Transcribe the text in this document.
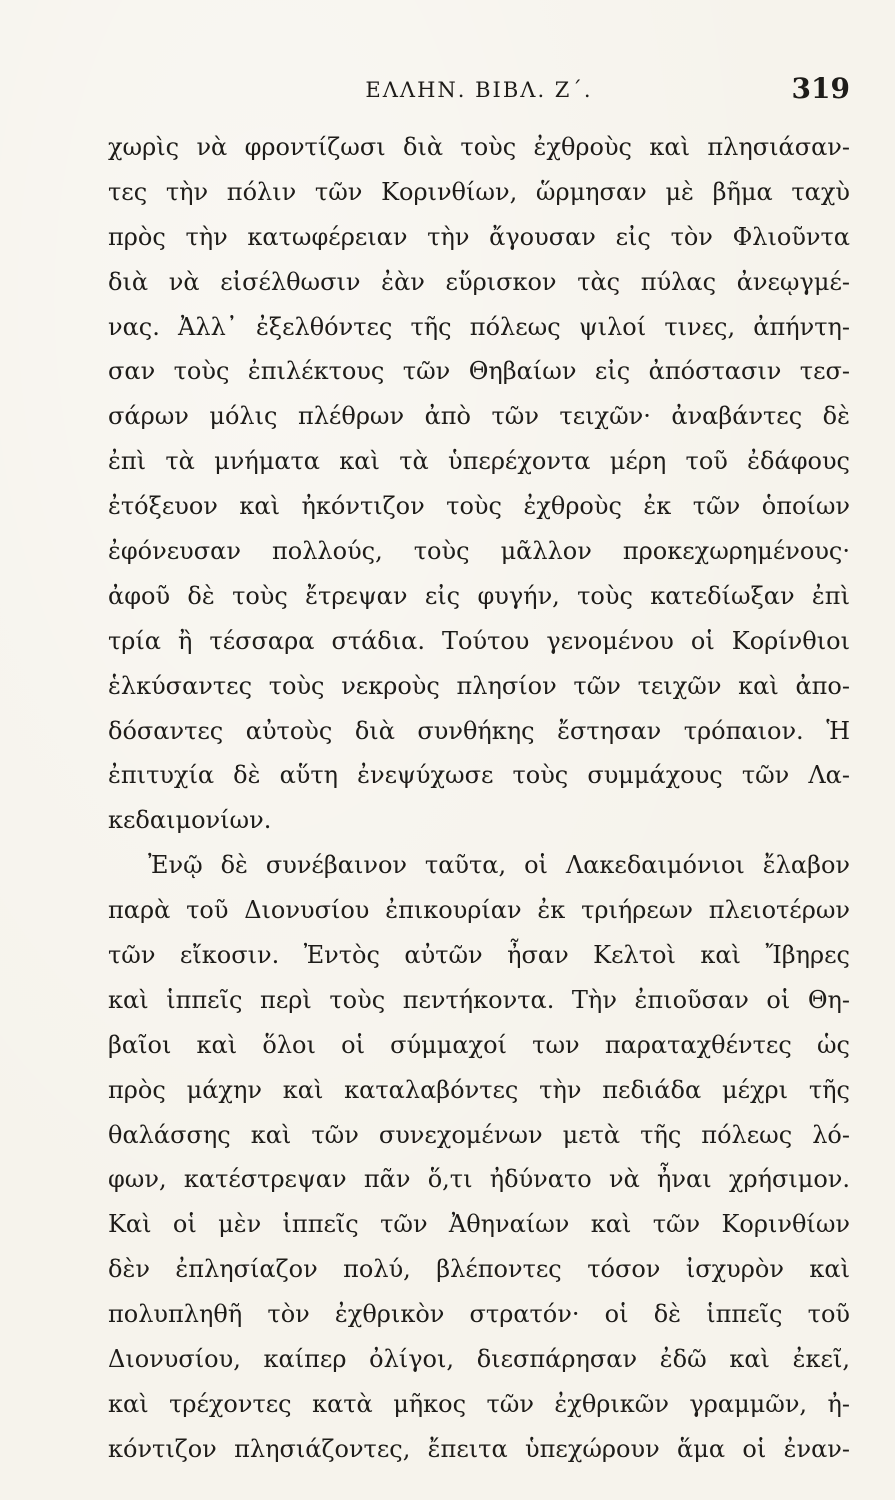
ΕΛΛΗΝ. ΒΙΒΛ. Ζ΄.	319
χωρὶς νὰ φροντίζωσι διὰ τοὺς ἐχθροὺς καὶ πλησιάσαν-
τες τὴν πόλιν τῶν Κορινθίων, ὥρμησαν μὲ βῆμα ταχὺ
πρὸς τὴν κατωφέρειαν τὴν ἄγουσαν εἰς τὸν Φλιοῦντα
διὰ νὰ εἰσέλθωσιν ἐὰν εὕρισκον τὰς πύλας ἀνεῳγμέ-
νας. Ἀλλ᾽ ἐξελθόντες τῆς πόλεως ψιλοί τινες, ἀπήντη-
σαν τοὺς ἐπιλέκτους τῶν Θηβαίων εἰς ἀπόστασιν τεσ-
σάρων μόλις πλέθρων ἀπὸ τῶν τειχῶν· ἀναβάντες δὲ
ἐπὶ τὰ μνήματα καὶ τὰ ὑπερέχοντα μέρη τοῦ ἐδάφους
ἐτόξευον καὶ ἠκόντιζον τοὺς ἐχθροὺς ἐκ τῶν ὁποίων
ἐφόνευσαν πολλούς, τοὺς μᾶλλον προκεχωρημένους·
ἀφοῦ δὲ τοὺς ἔτρεψαν εἰς φυγήν, τοὺς κατεδίωξαν ἐπὶ
τρία ἢ τέσσαρα στάδια. Τούτου γενομένου οἱ Κορίνθιοι
ἑλκύσαντες τοὺς νεκροὺς πλησίον τῶν τειχῶν καὶ ἀπο-
δόσαντες αὐτοὺς διὰ συνθήκης ἔστησαν τρόπαιον. Ἡ
ἐπιτυχία δὲ αὕτη ἐνεψύχωσε τοὺς συμμάχους τῶν Λα-
κεδαιμονίων.
Ἐνῷ δὲ συνέβαινον ταῦτα, οἱ Λακεδαιμόνιοι ἔλαβον
παρὰ τοῦ Διονυσίου ἐπικουρίαν ἐκ τριήρεων πλειοτέρων
τῶν εἴκοσιν. Ἐντὸς αὐτῶν ἦσαν Κελτοὶ καὶ Ἴβηρες
καὶ ἱππεῖς περὶ τοὺς πεντήκοντα. Τὴν ἐπιοῦσαν οἱ Θη-
βαῖοι καὶ ὅλοι οἱ σύμμαχοί των παραταχθέντες ὡς
πρὸς μάχην καὶ καταλαβόντες τὴν πεδιάδα μέχρι τῆς
θαλάσσης καὶ τῶν συνεχομένων μετὰ τῆς πόλεως λό-
φων, κατέστρεψαν πᾶν ὅ,τι ἠδύνατο νὰ ἦναι χρήσιμον.
Καὶ οἱ μὲν ἱππεῖς τῶν Ἀθηναίων καὶ τῶν Κορινθίων
δὲν ἐπλησίαζον πολύ, βλέποντες τόσον ἰσχυρὸν καὶ
πολυπληθῆ τὸν ἐχθρικὸν στρατόν· οἱ δὲ ἱππεῖς τοῦ
Διονυσίου, καίπερ ὀλίγοι, διεσπάρησαν ἐδῶ καὶ ἐκεῖ,
καὶ τρέχοντες κατὰ μῆκος τῶν ἐχθρικῶν γραμμῶν, ἠ-
κόντιζον πλησιάζοντες, ἔπειτα ὑπεχώρουν ἅμα οἱ ἐναν-
